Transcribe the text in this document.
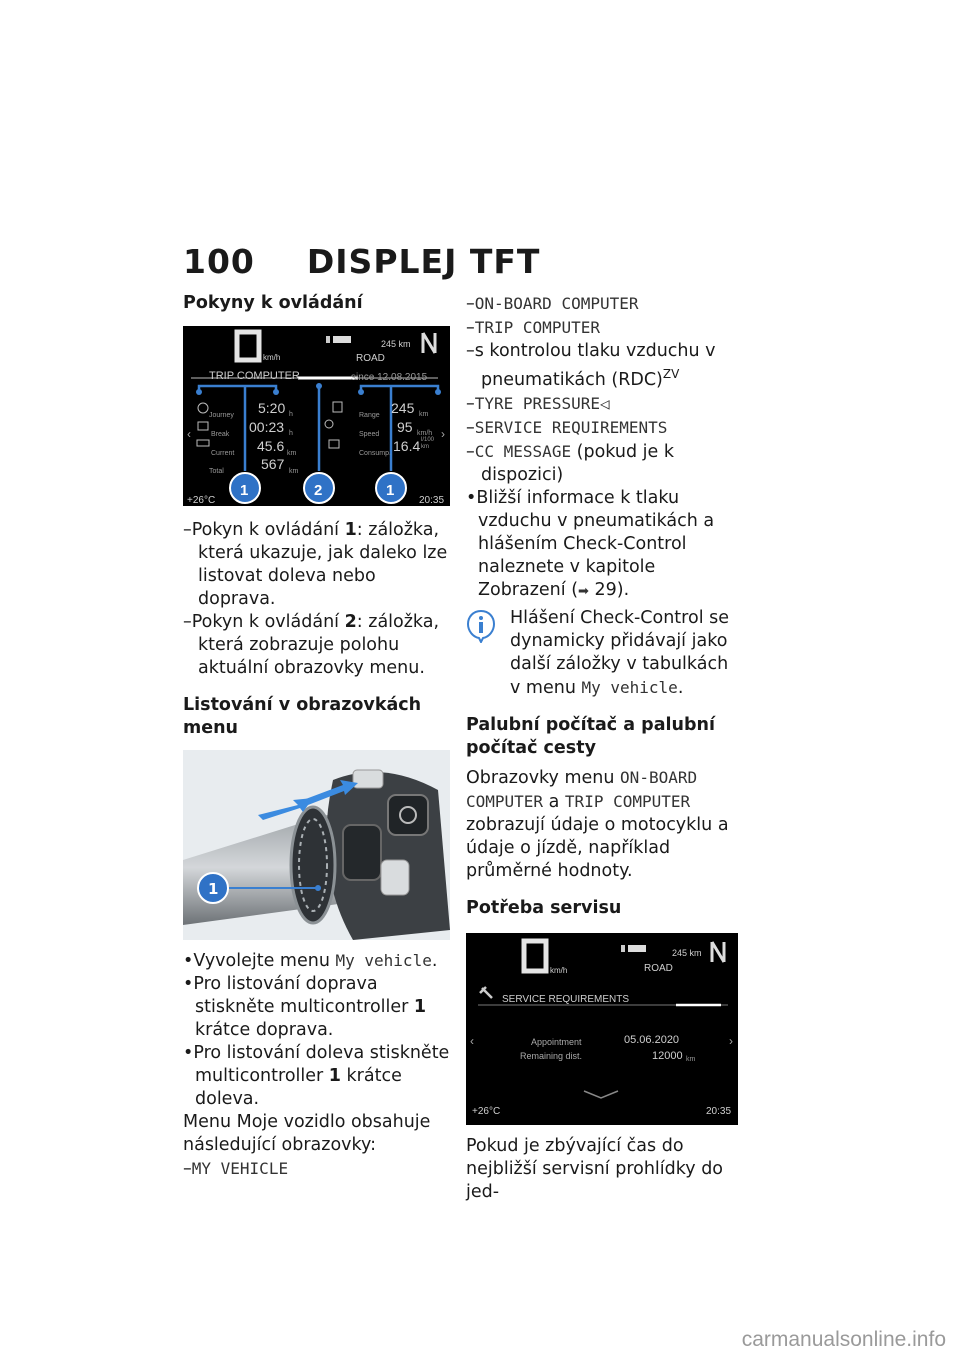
100 DISPLEJ TFT
Pokyny k ovládání
‹	›
km/h
245 km
ROAD
TRIP COMPUTER	since 12.08.2015
Journey 5:20 h
Break 00:23 h
Current 45.6 km
Total	567 km
Range 245 km
Speed 95 km/h
Consump. 16.4 l/100 km
+26°C	20:35
1	2	1

–Pokyn k ovládání 1: záložka, která ukazuje, jak daleko lze listovat doleva nebo doprava.

–Pokyn k ovládání 2: záložka, která zobrazuje polohu aktuální obrazovky menu.

Listování v obrazovkách menu
1

• Vyvolejte menu My vehicle.

• Pro listování doprava stiskněte multicontroller 1 krátce doprava.

• Pro listování doleva stiskněte multicontroller 1 krátce doleva.

Menu Moje vozidlo obsahuje následující obrazovky:

–MY VEHICLE

–ON-BOARD COMPUTER

–TRIP COMPUTER

–s kontrolou tlaku vzduchu v pneumatikách (RDC)$^{ZV}$

–TYRE PRESSURE◁

–SERVICE REQUIREMENTS

–CC MESSAGE (pokud je k dispozici)

• Bližší informace k tlaku vzduchu v pneumatikách a hlášením Check-Control naleznete v kapitole Zobrazení (➡ 29).

Hlášení Check-Control se dynamicky přidávají jako další záložky v tabulkách v menu My vehicle.
Palubní počítač a palubní počítač cesty

Obrazovky menu ON-BOARD COMPUTER a TRIP COMPUTER zobrazují údaje o motocyklu a údaje o jízdě, například průměrné hodnoty.

Potřeba servisu
‹	›
km/h
245 km
ROAD
SERVICE REQUIREMENTS
Appointment	05.06.2020
Remaining dist.	12000 km
+26°C	20:35

Pokud je zbývající čas do nejbližší servisní prohlídky do jed-

carmanualsonline.info
